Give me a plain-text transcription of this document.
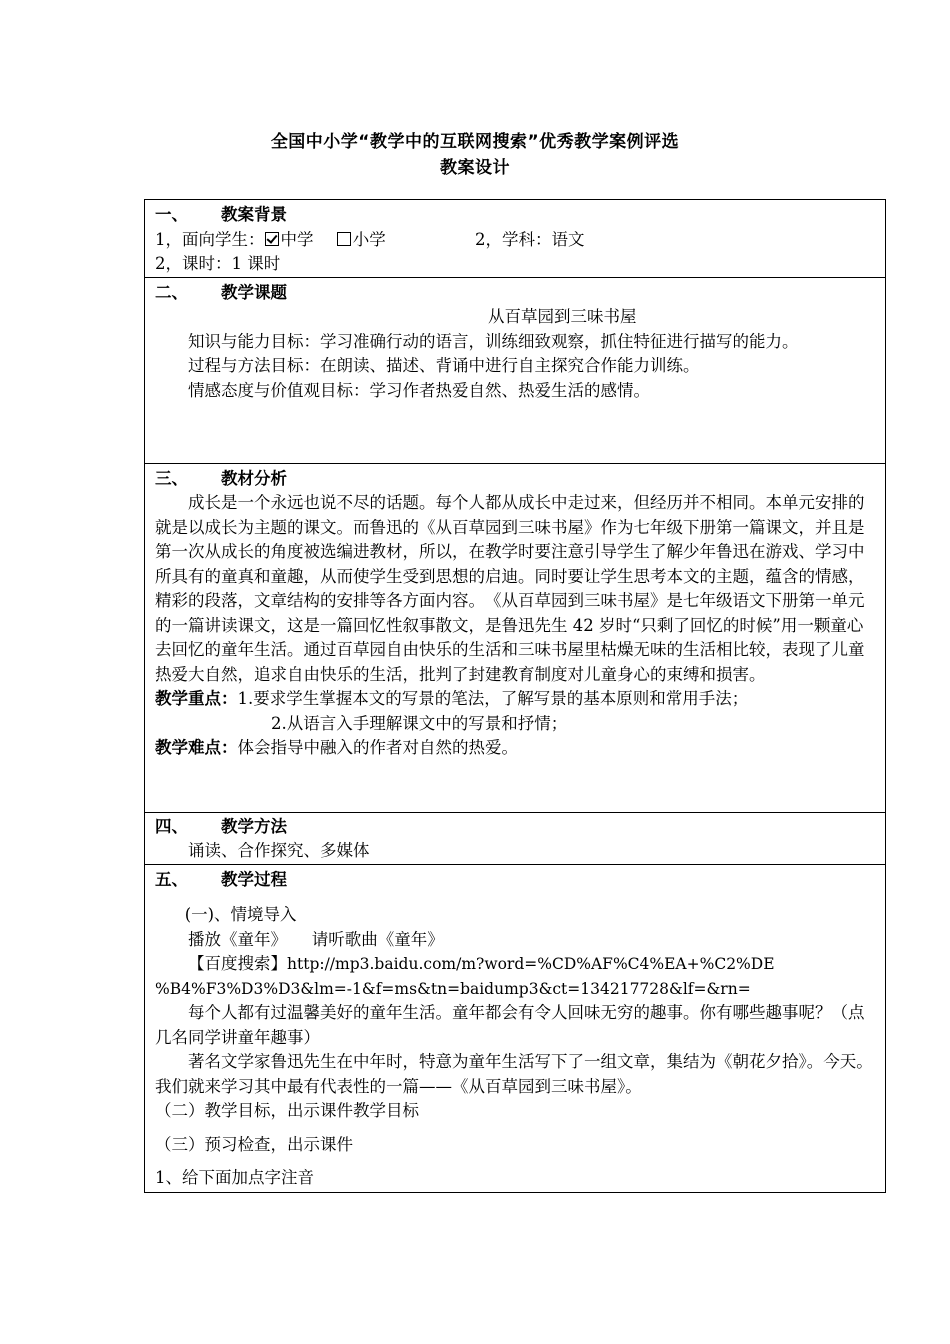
全国中小学“教学中的互联网搜索”优秀教学案例评选
教案设计
一、 教案背景

1，面向学生： 中学 小学	2，学科：语文

2，课时：1 课时

二、 教学课题

从百草园到三味书屋

知识与能力目标：学习准确行动的语言，训练细致观察，抓住特征进行描写的能力。

过程与方法目标：在朗读、描述、背诵中进行自主探究合作能力训练。

情感态度与价值观目标：学习作者热爱自然、热爱生活的感情。

三、 教材分析

成长是一个永远也说不尽的话题。每个人都从成长中走过来，但经历并不相同。本单元安排的就是以成长为主题的课文。而鲁迅的《从百草园到三味书屋》作为七年级下册第一篇课文，并且是第一次从成长的角度被选编进教材，所以，在教学时要注意引导学生了解少年鲁迅在游戏、学习中所具有的童真和童趣，从而使学生受到思想的启迪。同时要让学生思考本文的主题，蕴含的情感，精彩的段落，文章结构的安排等各方面内容。　《从百草园到三味书屋》是七年级语文下册第一单元的一篇讲读课文，这是一篇回忆性叙事散文，是鲁迅先生 42 岁时“只剩了回忆的时候”用一颗童心去回忆的童年生活。通过百草园自由快乐的生活和三味书屋里枯燥无味的生活相比较，表现了儿童热爱大自然，追求自由快乐的生活，批判了封建教育制度对儿童身心的束缚和损害。

教学重点：1.要求学生掌握本文的写景的笔法，了解写景的基本原则和常用手法；

2.从语言入手理解课文中的写景和抒情；

教学难点：体会指导中融入的作者对自然的热爱。

四、 教学方法

诵读、合作探究、多媒体

五、 教学过程

(一)、情境导入

播放《童年》　　请听歌曲《童年》

【百度搜索】http://mp3.baidu.com/m?word=%CD%AF%C4%EA+%C2%DE

%B4%F3%D3%D3&lm=-1&f=ms&tn=baidump3&ct=134217728&lf=&rn=

每个人都有过温馨美好的童年生活。童年都会有令人回味无穷的趣事。你有哪些趣事呢？（点几名同学讲童年趣事）

著名文学家鲁迅先生在中年时，特意为童年生活写下了一组文章，集结为《朝花夕拾》。今天。我们就来学习其中最有代表性的一篇——《从百草园到三味书屋》。

（二）教学目标，出示课件教学目标

（三）预习检查，出示课件

1、给下面加点字注音
